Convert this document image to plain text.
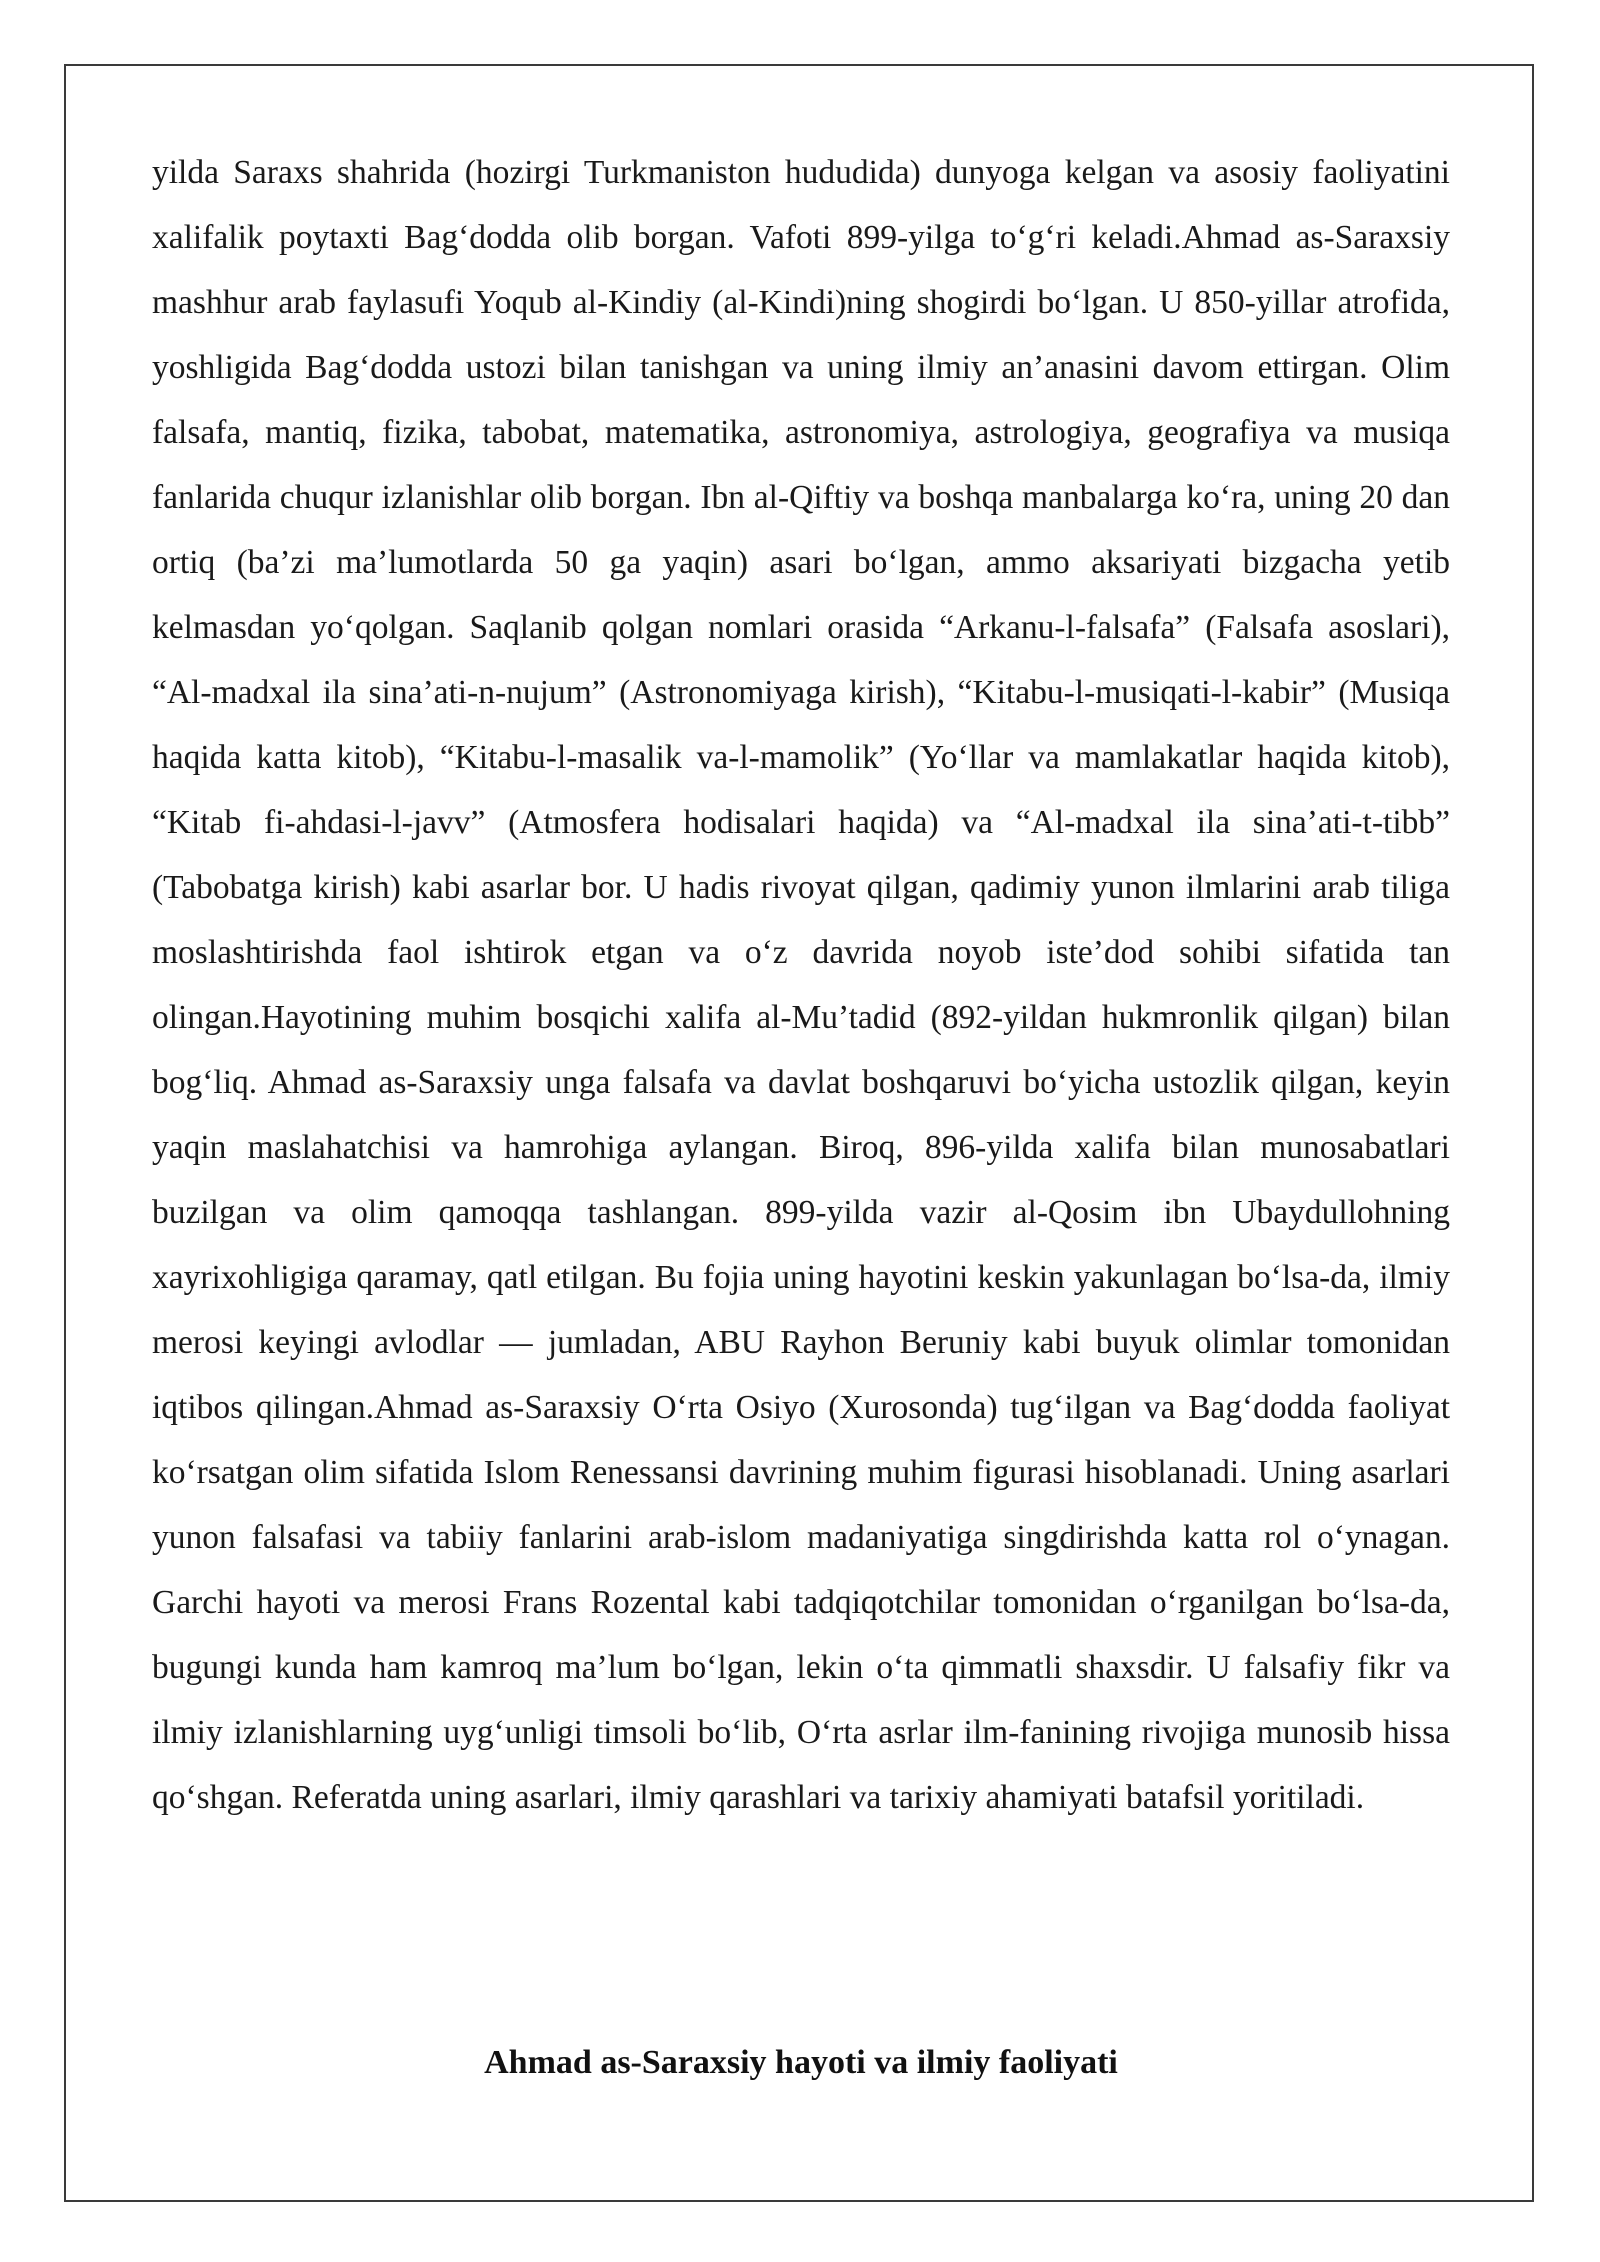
yilda Saraxs shahrida (hozirgi Turkmaniston hududida) dunyoga kelgan va asosiy faoliyatini xalifalik poytaxti Bag‘dodda olib borgan. Vafoti 899-yilga to‘g‘ri keladi.Ahmad as-Saraxsiy mashhur arab faylasufi Yoqub al-Kindiy (al-Kindi)ning shogirdi bo‘lgan. U 850-yillar atrofida, yoshligida Bag‘dodda ustozi bilan tanishgan va uning ilmiy an’anasini davom ettirgan. Olim falsafa, mantiq, fizika, tabobat, matematika, astronomiya, astrologiya, geografiya va musiqa fanlarida chuqur izlanishlar olib borgan. Ibn al-Qiftiy va boshqa manbalarga ko‘ra, uning 20 dan ortiq (ba’zi ma’lumotlarda 50 ga yaqin) asari bo‘lgan, ammo aksariyati bizgacha yetib kelmasdan yo‘qolgan. Saqlanib qolgan nomlari orasida “Arkanu-l-falsafa” (Falsafa asoslari), “Al-madxal ila sina’ati-n-nujum” (Astronomiyaga kirish), “Kitabu-l-musiqati-l-kabir” (Musiqa haqida katta kitob), “Kitabu-l-masalik va-l-mamolik” (Yo‘llar va mamlakatlar haqida kitob), “Kitab fi-ahdasi-l-javv” (Atmosfera hodisalari haqida) va “Al-madxal ila sina’ati-t-tibb” (Tabobatga kirish) kabi asarlar bor. U hadis rivoyat qilgan, qadimiy yunon ilmlarini arab tiliga moslashtirishda faol ishtirok etgan va o‘z davrida noyob iste’dod sohibi sifatida tan olingan.Hayotining muhim bosqichi xalifa al-Mu’tadid (892-yildan hukmronlik qilgan) bilan bog‘liq. Ahmad as-Saraxsiy unga falsafa va davlat boshqaruvi bo‘yicha ustozlik qilgan, keyin yaqin maslahatchisi va hamrohiga aylangan. Biroq, 896-yilda xalifa bilan munosabatlari buzilgan va olim qamoqqa tashlangan. 899-yilda vazir al-Qosim ibn Ubaydullohning xayrixohligiga qaramay, qatl etilgan. Bu fojia uning hayotini keskin yakunlagan bo‘lsa-da, ilmiy merosi keyingi avlodlar — jumladan, ABU Rayhon Beruniy kabi buyuk olimlar tomonidan iqtibos qilingan.Ahmad as-Saraxsiy O‘rta Osiyo (Xurosonda) tug‘ilgan va Bag‘dodda faoliyat ko‘rsatgan olim sifatida Islom Renessansi davrining muhim figurasi hisoblanadi. Uning asarlari yunon falsafasi va tabiiy fanlarini arab-islom madaniyatiga singdirishda katta rol o‘ynagan. Garchi hayoti va merosi Frans Rozental kabi tadqiqotchilar tomonidan o‘rganilgan bo‘lsa-da, bugungi kunda ham kamroq ma’lum bo‘lgan, lekin o‘ta qimmatli shaxsdir. U falsafiy fikr va ilmiy izlanishlarning uyg‘unligi timsoli bo‘lib, O‘rta asrlar ilm-fanining rivojiga munosib hissa qo‘shgan. Referatda uning asarlari, ilmiy qarashlari va tarixiy ahamiyati batafsil yoritiladi.

Ahmad as-Saraxsiy hayoti va ilmiy faoliyati
